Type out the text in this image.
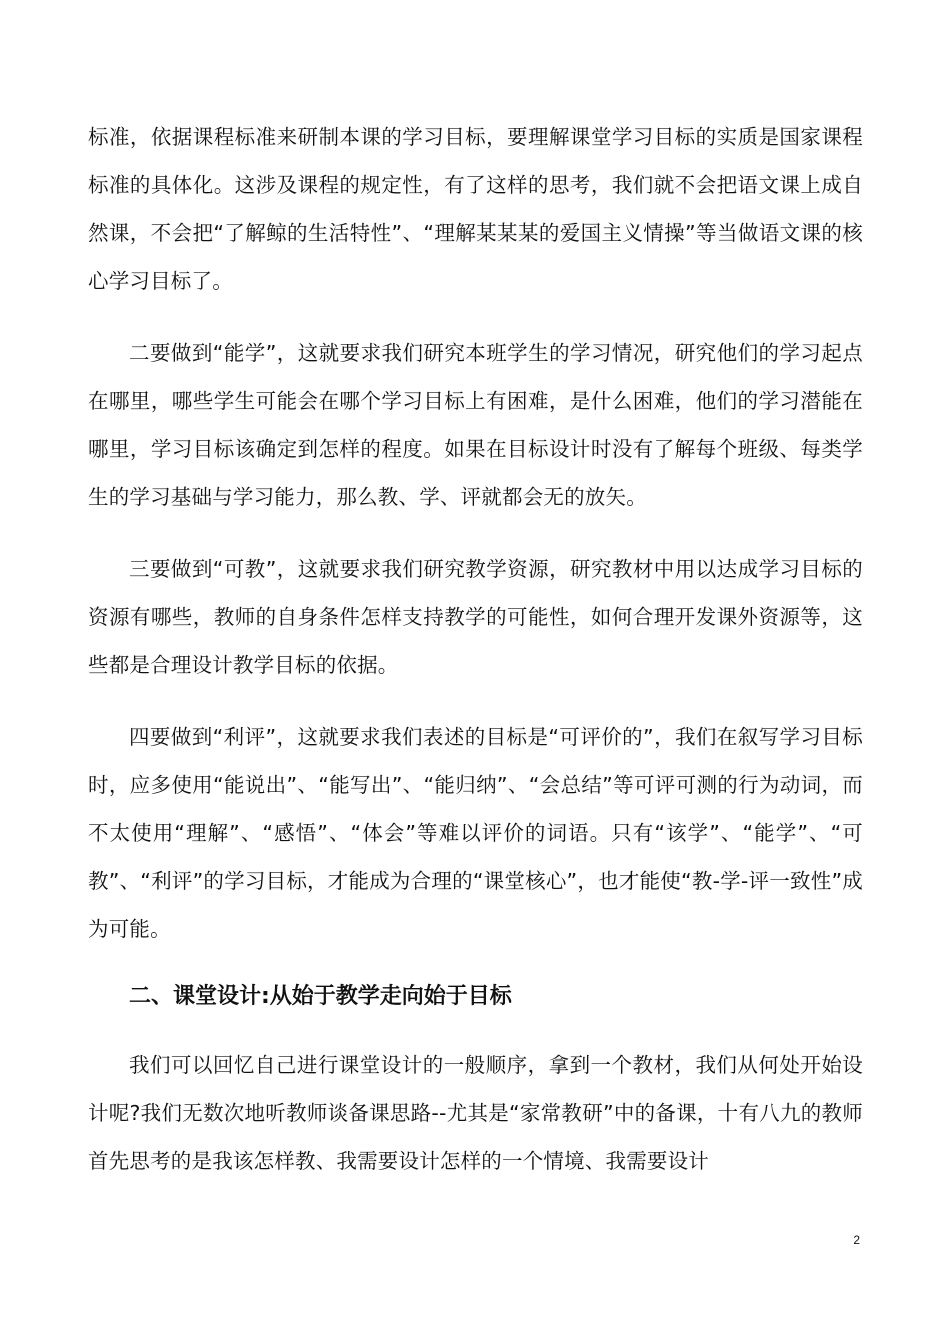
标准，依据课程标准来研制本课的学习目标，要理解课堂学习目标的实质是国家课程标准的具体化。这涉及课程的规定性，有了这样的思考，我们就不会把语文课上成自然课，不会把“了解鲸的生活特性”、“理解某某某的爱国主义情操”等当做语文课的核心学习目标了。

二要做到“能学”，这就要求我们研究本班学生的学习情况，研究他们的学习起点在哪里，哪些学生可能会在哪个学习目标上有困难，是什么困难，他们的学习潜能在哪里，学习目标该确定到怎样的程度。如果在目标设计时没有了解每个班级、每类学生的学习基础与学习能力，那么教、学、评就都会无的放矢。

三要做到“可教”，这就要求我们研究教学资源，研究教材中用以达成学习目标的资源有哪些，教师的自身条件怎样支持教学的可能性，如何合理开发课外资源等，这些都是合理设计教学目标的依据。

四要做到“利评”，这就要求我们表述的目标是“可评价的”，我们在叙写学习目标时，应多使用“能说出”、“能写出”、“能归纳”、“会总结”等可评可测的行为动词，而不太使用“理解”、“感悟”、“体会”等难以评价的词语。只有“该学”、“能学”、“可教”、“利评”的学习目标，才能成为合理的“课堂核心”，也才能使“教-学-评一致性”成为可能。

二、课堂设计:从始于教学走向始于目标

我们可以回忆自己进行课堂设计的一般顺序，拿到一个教材，我们从何处开始设计呢?我们无数次地听教师谈备课思路--尤其是“家常教研”中的备课，十有八九的教师首先思考的是我该怎样教、我需要设计怎样的一个情境、我需要设计

2
